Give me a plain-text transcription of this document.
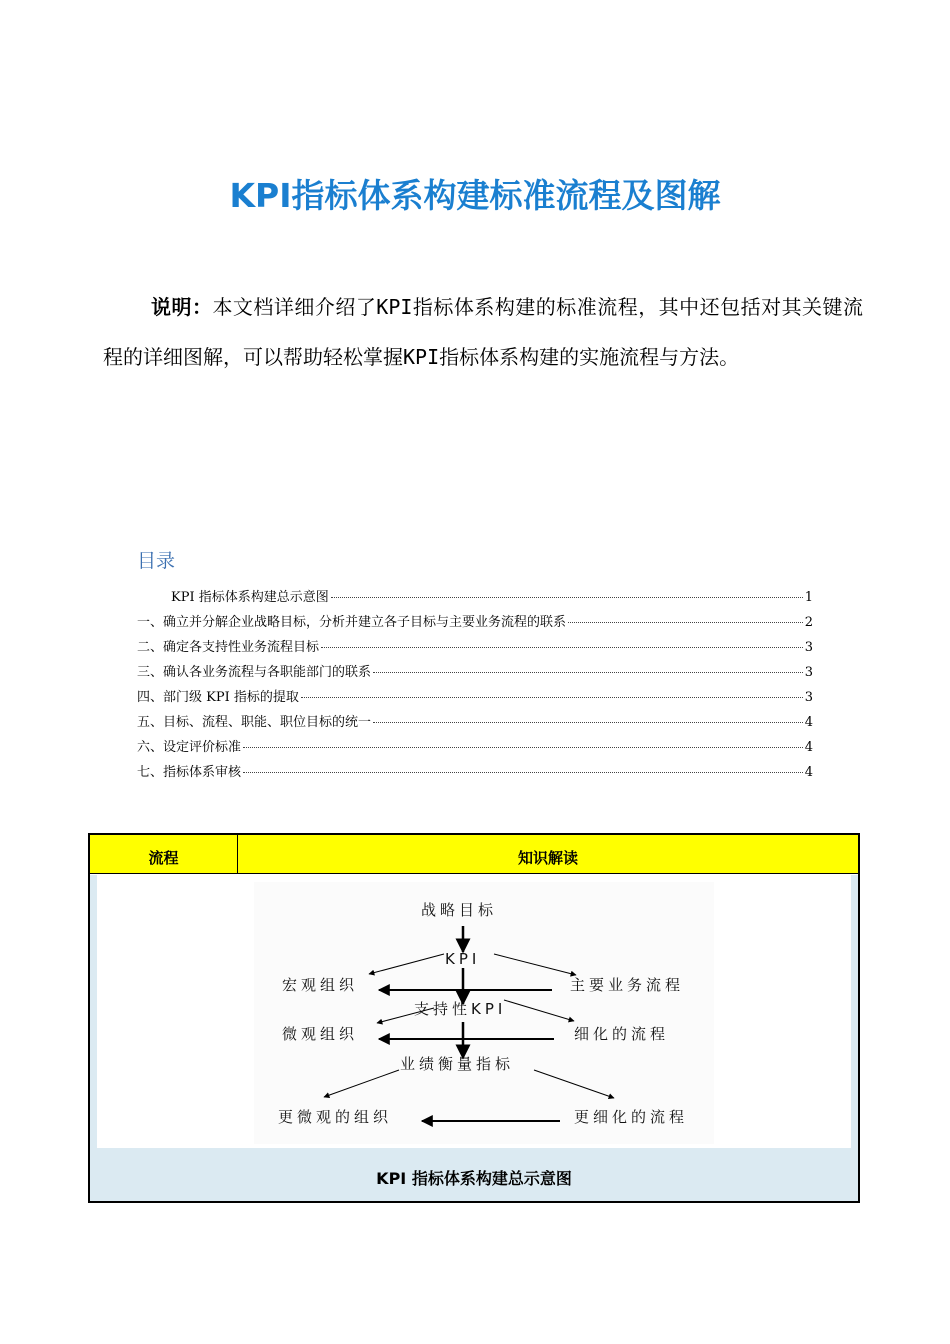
KPI指标体系构建标准流程及图解
说明：本文档详细介绍了KPI指标体系构建的标准流程，其中还包括对其关键流程的详细图解，可以帮助轻松掌握KPI指标体系构建的实施流程与方法。
目录
KPI 指标体系构建总示意图	1
一、确立并分解企业战略目标，分析并建立各子目标与主要业务流程的联系	2
二、确定各支持性业务流程目标	3
三、确认各业务流程与各职能部门的联系	3
四、部门级 KPI 指标的提取	3
五、目标、流程、职能、职位目标的统一	4
六、设定评价标准	4
七、指标体系审核	4
流程	知识解读
战略目标
KPI
宏观组织	主要业务流程
支持性KPI
微观组织	细化的流程
业绩衡量指标
更微观的组织	更细化的流程
KPI 指标体系构建总示意图
